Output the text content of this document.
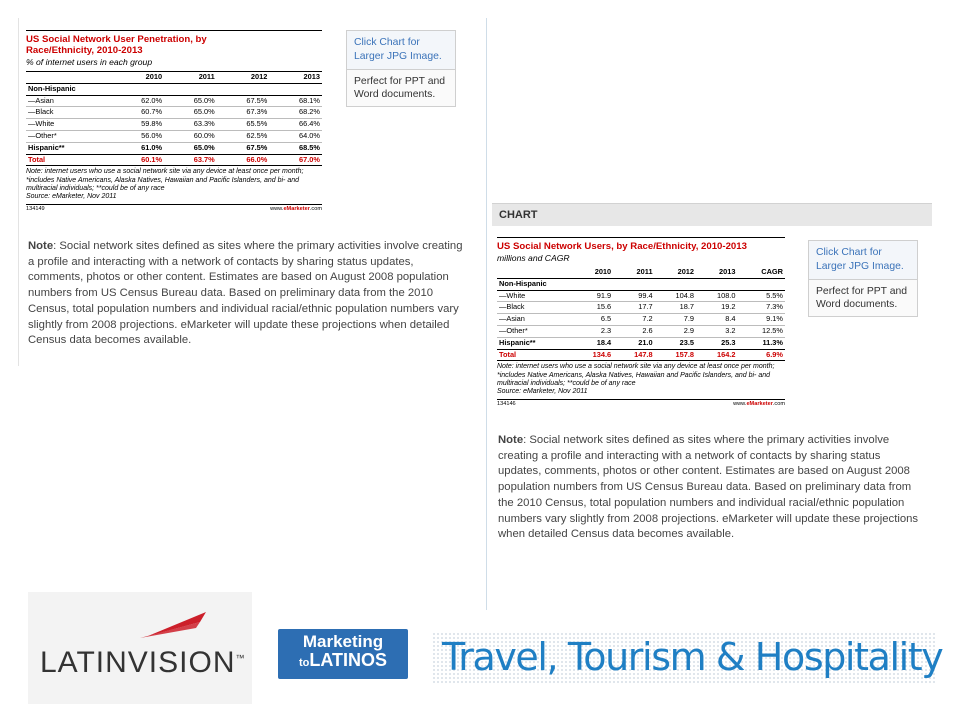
US Social Network User Penetration, by
Race/Ethnicity, 2010-2013
% of internet users in each group
	2010	2011	2012	2013
Non-Hispanic				
—Asian	62.0%	65.0%	67.5%	68.1%
—Black	60.7%	65.0%	67.3%	68.2%
—White	59.8%	63.3%	65.5%	66.4%
—Other*	56.0%	60.0%	62.5%	64.0%
Hispanic**	61.0%	65.0%	67.5%	68.5%
Total	60.1%	63.7%	66.0%	67.0%
Note: internet users who use a social network site via any device at least once per month; *includes Native Americans, Alaska Natives, Hawaiian and Pacific Islanders, and bi- and multiracial individuals; **could be of any race
Source: eMarketer, Nov 2011
134149	www.eMarketer.com
Click Chart for Larger JPG Image.
Perfect for PPT and Word documents.
Note: Social network sites defined as sites where the primary activities involve creating a profile and interacting with a network of contacts by sharing status updates, comments, photos or other content. Estimates are based on August 2008 population numbers from US Census Bureau data. Based on preliminary data from the 2010 Census, total population numbers and individual racial/ethnic population numbers vary slightly from 2008 projections. eMarketer will update these projections when detailed Census data becomes available.
CHART
US Social Network Users, by Race/Ethnicity, 2010-2013
millions and CAGR
	2010	2011	2012	2013	CAGR
Non-Hispanic					
—White	91.9	99.4	104.8	108.0	5.5%
—Black	15.6	17.7	18.7	19.2	7.3%
—Asian	6.5	7.2	7.9	8.4	9.1%
—Other*	2.3	2.6	2.9	3.2	12.5%
Hispanic**	18.4	21.0	23.5	25.3	11.3%
Total	134.6	147.8	157.8	164.2	6.9%
Note: internet users who use a social network site via any device at least once per month; *includes Native Americans, Alaska Natives, Hawaiian and Pacific Islanders, and bi- and multiracial individuals; **could be of any race
Source: eMarketer, Nov 2011
134146	www.eMarketer.com
Click Chart for Larger JPG Image.
Perfect for PPT and Word documents.
Note: Social network sites defined as sites where the primary activities involve creating a profile and interacting with a network of contacts by sharing status updates, comments, photos or other content. Estimates are based on August 2008 population numbers from US Census Bureau data. Based on preliminary data from the 2010 Census, total population numbers and individual racial/ethnic population numbers vary slightly from 2008 projections. eMarketer will update these projections when detailed Census data becomes available.
LATINVISION™
Marketing
toLATINOS	Travel, Tourism & Hospitality
